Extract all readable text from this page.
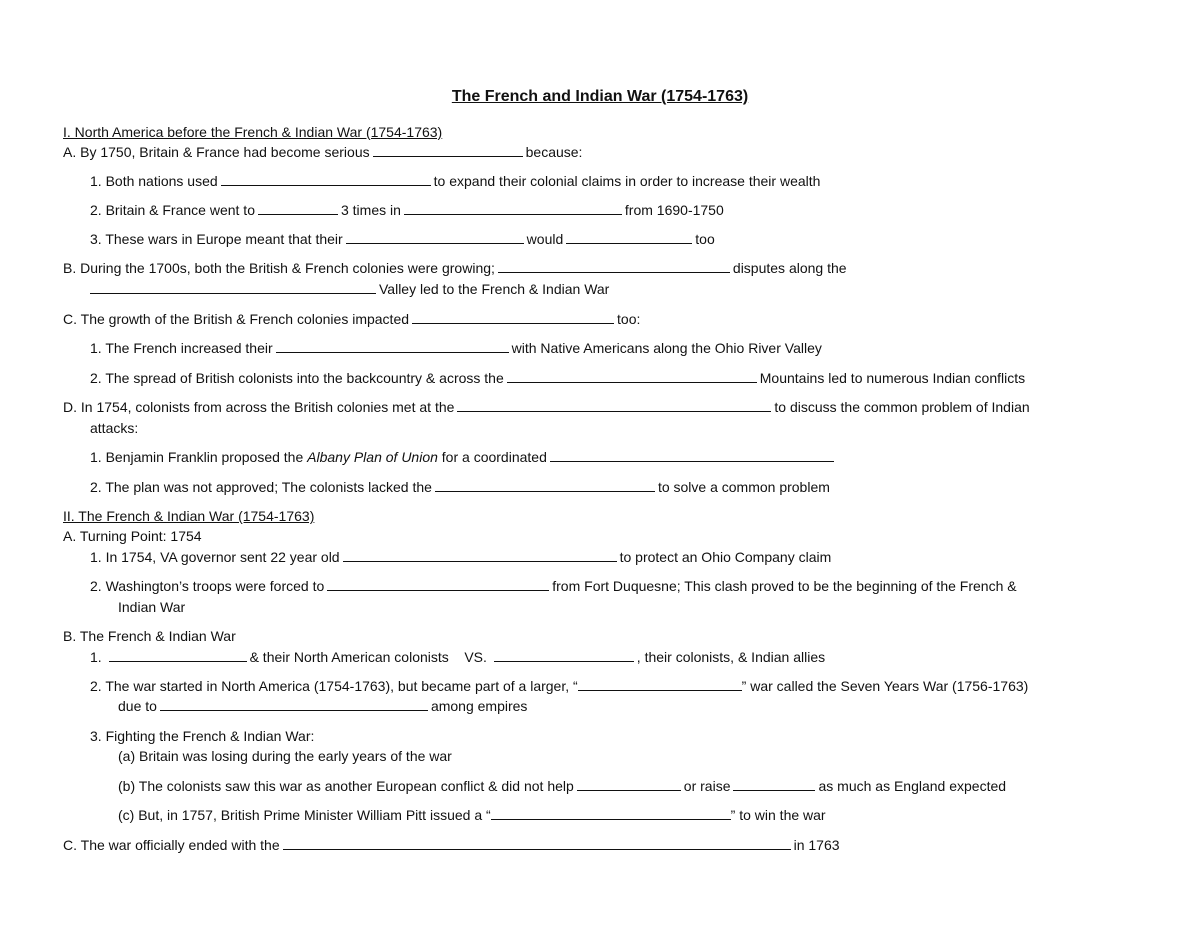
The French and Indian War (1754-1763)
I. North America before the French & Indian War (1754-1763)
A. By 1750, Britain & France had become serious	because:
1. Both nations used	to expand their colonial claims in order to increase their wealth
2. Britain & France went to	3 times in	from 1690-1750
3. These wars in Europe meant that their	would	too
B. During the 1700s, both the British & French colonies were growing;	disputes along the
Valley led to the French & Indian War
C. The growth of the British & French colonies impacted	too:
1. The French increased their	with Native Americans along the Ohio River Valley
2. The spread of British colonists into the backcountry & across the	Mountains led to numerous Indian conflicts
D. In 1754, colonists from across the British colonies met at the	to discuss the common problem of Indian
attacks:
1. Benjamin Franklin proposed the Albany Plan of Union for a coordinated
2. The plan was not approved; The colonists lacked the	to solve a common problem
II. The French & Indian War (1754-1763)
A. Turning Point: 1754
1. In 1754, VA governor sent 22 year old	to protect an Ohio Company claim
2. Washington’s troops were forced to	from Fort Duquesne; This clash proved to be the beginning of the French &
Indian War
B. The French & Indian War
1.	& their North American colonists    VS.	, their colonists, & Indian allies
2. The war started in North America (1754-1763), but became part of a larger, “	” war called the Seven Years War (1756-1763)
due to	among empires
3. Fighting the French & Indian War:
(a) Britain was losing during the early years of the war
(b) The colonists saw this war as another European conflict & did not help	or raise	as much as England expected
(c) But, in 1757, British Prime Minister William Pitt issued a “	” to win the war
C. The war officially ended with the	in 1763
